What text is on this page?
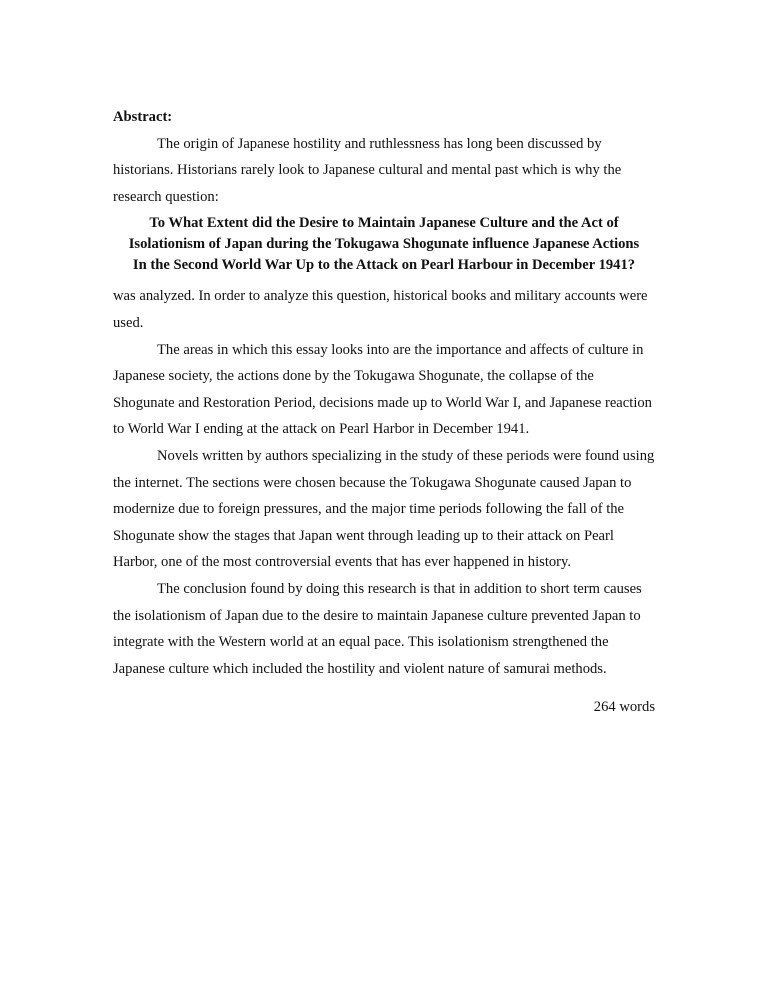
Abstract:

The origin of Japanese hostility and ruthlessness has long been discussed by historians. Historians rarely look to Japanese cultural and mental past which is why the research question:

To What Extent did the Desire to Maintain Japanese Culture and the Act of
Isolationism of Japan during the Tokugawa Shogunate influence Japanese Actions
In the Second World War Up to the Attack on Pearl Harbour in December 1941?

was analyzed. In order to analyze this question, historical books and military accounts were used.

The areas in which this essay looks into are the importance and affects of culture in Japanese society, the actions done by the Tokugawa Shogunate, the collapse of the Shogunate and Restoration Period, decisions made up to World War I, and Japanese reaction to World War I ending at the attack on Pearl Harbor in December 1941.

Novels written by authors specializing in the study of these periods were found using the internet. The sections were chosen because the Tokugawa Shogunate caused Japan to modernize due to foreign pressures, and the major time periods following the fall of the Shogunate show the stages that Japan went through leading up to their attack on Pearl Harbor, one of the most controversial events that has ever happened in history.

The conclusion found by doing this research is that in addition to short term causes the isolationism of Japan due to the desire to maintain Japanese culture prevented Japan to integrate with the Western world at an equal pace. This isolationism strengthened the Japanese culture which included the hostility and violent nature of samurai methods.

264 words
